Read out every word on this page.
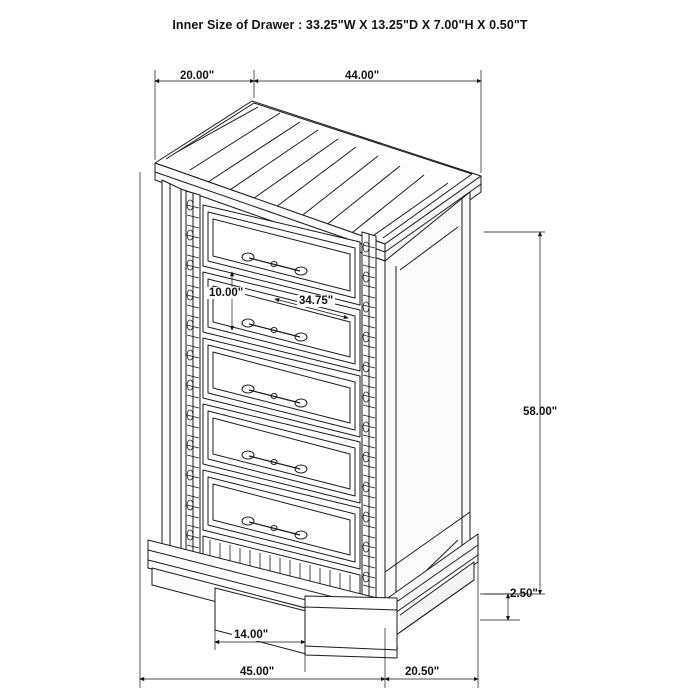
Inner Size of Drawer : 33.25"W X 13.25"D X 7.00"H X 0.50"T
20.00"	44.00"
10.00"
34.75"
58.00"
2.50"
14.00"
45.00"	20.50"
